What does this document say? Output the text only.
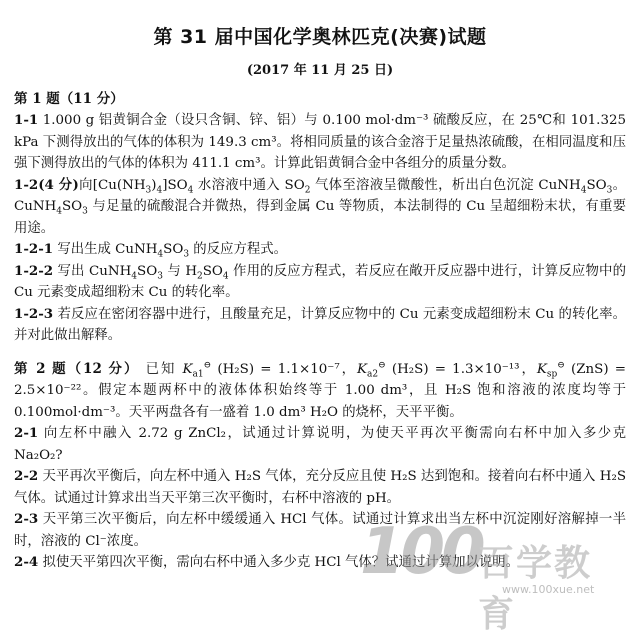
第 31 届中国化学奥林匹克(决赛)试题
(2017 年 11 月 25 日)
第 1 题（11 分）

1-1 1.000 g 铝黄铜合金（设只含铜、锌、铝）与 0.100 mol·dm⁻³ 硫酸反应，在 25℃和 101.325 kPa 下测得放出的气体的体积为 149.3 cm³。将相同质量的该合金溶于足量热浓硫酸，在相同温度和压强下测得放出的气体的体积为 411.1 cm³。计算此铝黄铜合金中各组分的质量分数。

1-2(4 分)向$[Cu(NH_3)_4]SO_4$ 水溶液中通入 $SO_2$ 气体至溶液呈微酸性，析出白色沉淀 $CuNH_4SO_3$。$CuNH_4SO_3$ 与足量的硫酸混合并微热，得到金属 Cu 等物质，本法制得的 Cu 呈超细粉末状，有重要用途。

1-2-1 写出生成 $CuNH_4SO_3$ 的反应方程式。

1-2-2 写出 $CuNH_4SO_3$ 与 $H_2SO_4$ 作用的反应方程式，若反应在敞开反应器中进行，计算反应物中的 Cu 元素变成超细粉末 Cu 的转化率。

1-2-3 若反应在密闭容器中进行，且酸量充足，计算反应物中的 Cu 元素变成超细粉末 Cu 的转化率。并对此做出解释。

第 2 题（12 分） 已知 $K_{a1}^⊖$ (H₂S) = 1.1×10⁻⁷，$K_{a2}^⊖$ (H₂S) = 1.3×10⁻¹³，$K_{sp}^⊖$ (ZnS) = 2.5×10⁻²²。假定本题两杯中的液体体积始终等于 1.00 dm³，且 H₂S 饱和溶液的浓度均等于 0.100mol·dm⁻³。天平两盘各有一盛着 1.0 dm³ H₂O 的烧杯，天平平衡。

2-1 向左杯中融入 2.72 g ZnCl₂，试通过计算说明，为使天平再次平衡需向右杯中加入多少克 Na₂O₂?

2-2 天平再次平衡后，向左杯中通入 H₂S 气体，充分反应且使 H₂S 达到饱和。接着向右杯中通入 H₂S 气体。试通过计算求出当天平第三次平衡时，右杯中溶液的 pH。

2-3 天平第三次平衡后，向左杯中缓缓通入 HCl 气体。试通过计算求出当左杯中沉淀刚好溶解掉一半时，溶液的 Cl⁻浓度。

2-4 拟使天平第四次平衡，需向右杯中通入多少克 HCl 气体？试通过计算加以说明。

100
百学教育
www.100xue.net
